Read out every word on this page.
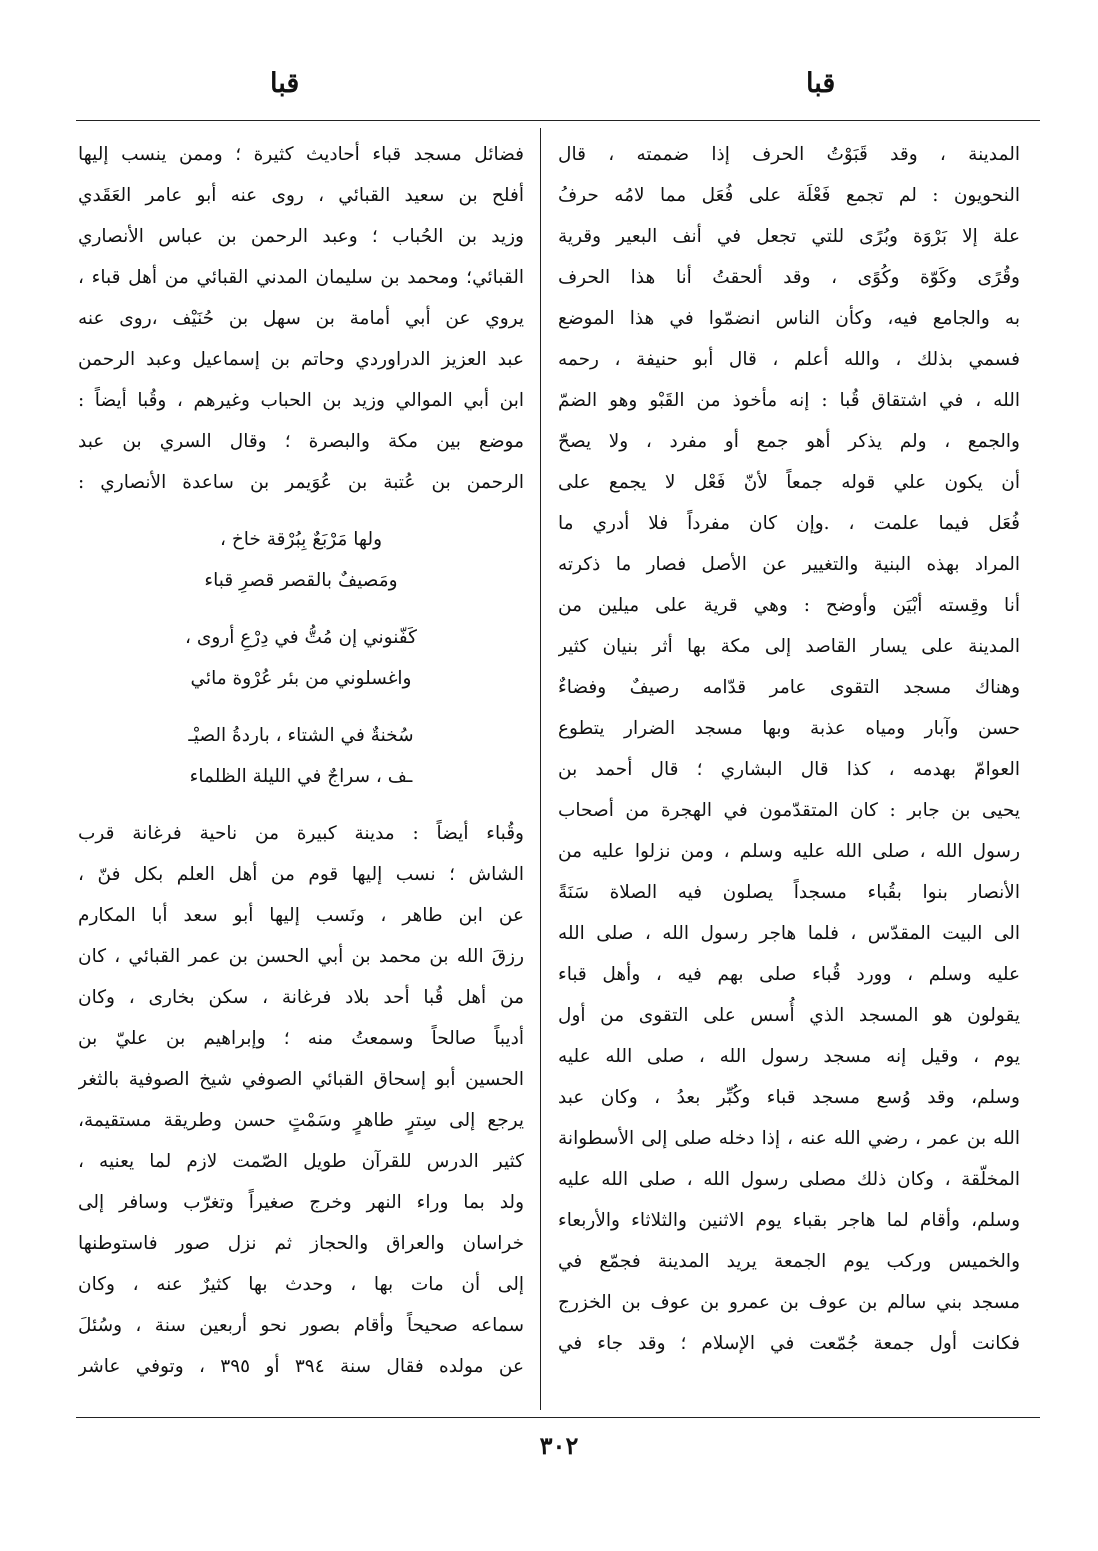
قبا
قبا
المدينة ، وقد قَبَوْتُ الحرف إذا ضممته ، قال
النحويون : لم تجمع فَعْلَة على فُعَل مما لامُه حرفُ
علة إلا بَرْوَة وبُرًى للتي تجعل في أنف البعير وقرية
وقُرًى وكَوّة وكُوًى ، وقد ألحقتُ أنا هذا الحرف
به والجامع فيه، وكأن الناس انضمّوا في هذا الموضع
فسمي بذلك ، والله أعلم ، قال أبو حنيفة ، رحمه
الله ، في اشتقاق قُبا : إنه مأخوذ من القَبْو وهو الضمّ
والجمع ، ولم يذكر أهو جمع أو مفرد ، ولا يصحّ
أن يكون علي قوله جمعاً لأنّ فَعْل لا يجمع على
فُعَل فيما علمت ، .وإن كان مفرداً فلا أدري ما
المراد بهذه البنية والتغيير عن الأصل فصار ما ذكرته
أنا وقِسته أبْيَن وأوضح : وهي قرية على ميلين من
المدينة على يسار القاصد إلى مكة بها أثر بنيان كثير
وهناك مسجد التقوى عامر قدّامه رصيفٌ وفضاءٌ
حسن وآبار ومياه عذبة وبها مسجد الضرار يتطوع
العوامّ بهدمه ، كذا قال البشاري ؛ قال أحمد بن
يحيى بن جابر : كان المتقدّمون في الهجرة من أصحاب
رسول الله ، صلى الله عليه وسلم ، ومن نزلوا عليه من
الأنصار بنوا بقُباء مسجداً يصلون فيه الصلاة سَنَةً
الى البيت المقدّس ، فلما هاجر رسول الله ، صلى الله
عليه وسلم ، وورد قُباء صلى بهم فيه ، وأهل قباء
يقولون هو المسجد الذي أُسس على التقوى من أول
يوم ، وقيل إنه مسجد رسول الله ، صلى الله عليه
وسلم، وقد وُسع مسجد قباء وكُبِّر بعدُ ، وكان عبد
الله بن عمر ، رضي الله عنه ، إذا دخله صلى إلى الأسطوانة
المخلّقة ، وكان ذلك مصلى رسول الله ، صلى الله عليه
وسلم، وأقام لما هاجر بقباء يوم الاثنين والثلاثاء والأربعاء
والخميس وركب يوم الجمعة يريد المدينة فجمّع في
مسجد بني سالم بن عوف بن عمرو بن عوف بن الخزرج
فكانت أول جمعة جُمّعت في الإسلام ؛ وقد جاء في
فضائل مسجد قباء أحاديث كثيرة ؛ وممن ينسب إليها
أفلح بن سعيد القبائي ، روى عنه أبو عامر العَقَدي
وزيد بن الحُباب ؛ وعبد الرحمن بن عباس الأنصاري
القبائي؛ ومحمد بن سليمان المدني القبائي من أهل قباء ،
يروي عن أبي أمامة بن سهل بن حُنَيْف ،روى عنه
عبد العزيز الدراوردي وحاتم بن إسماعيل وعبد الرحمن
ابن أبي الموالي وزيد بن الحباب وغيرهم ، وقُبا أيضاً :
موضع بين مكة والبصرة ؛ وقال السري بن عبد
الرحمن بن عُتبة بن عُوَيمر بن ساعدة الأنصاري :
ولها مَرْبَعٌ بِبُرْقة خاخ ،
ومَصيفٌ بالقصر قصرِ قباء
كَفّنوني إن مُتُّ في دِرْعِ أروى ،
واغسلوني من بئر عُرْوة مائي
سُخنةٌ في الشتاء ، باردةُ الصيْـ
ـف ، سراجٌ في الليلة الظلماء
وقُباء أيضاً : مدينة كبيرة من ناحية فرغانة قرب
الشاش ؛ نسب إليها قوم من أهل العلم بكل فنّ ،
عن ابن طاهر ، ونَسب إليها أبو سعد أبا المكارم
رزقَ الله بن محمد بن أبي الحسن بن عمر القبائي ، كان
من أهل قُبا أحد بلاد فرغانة ، سكن بخارى ، وكان
أديباً صالحاً وسمعتُ منه ؛ وإبراهيم بن عليّ بن
الحسين أبو إسحاق القبائي الصوفي شيخ الصوفية بالثغر
يرجع إلى سِترٍ طاهرٍ وسَمْتٍ حسن وطريقة مستقيمة،
كثير الدرس للقرآن طويل الصّمت لازم لما يعنيه ،
ولد بما وراء النهر وخرج صغيراً وتغرّب وسافر إلى
خراسان والعراق والحجاز ثم نزل صور فاستوطنها
إلى أن مات بها ، وحدث بها كثيرٌ عنه ، وكان
سماعه صحيحاً وأقام بصور نحو أربعين سنة ، وسُئلَ
عن مولده فقال سنة ٣٩٤ أو ٣٩٥ ، وتوفي عاشر
٣٠٢
